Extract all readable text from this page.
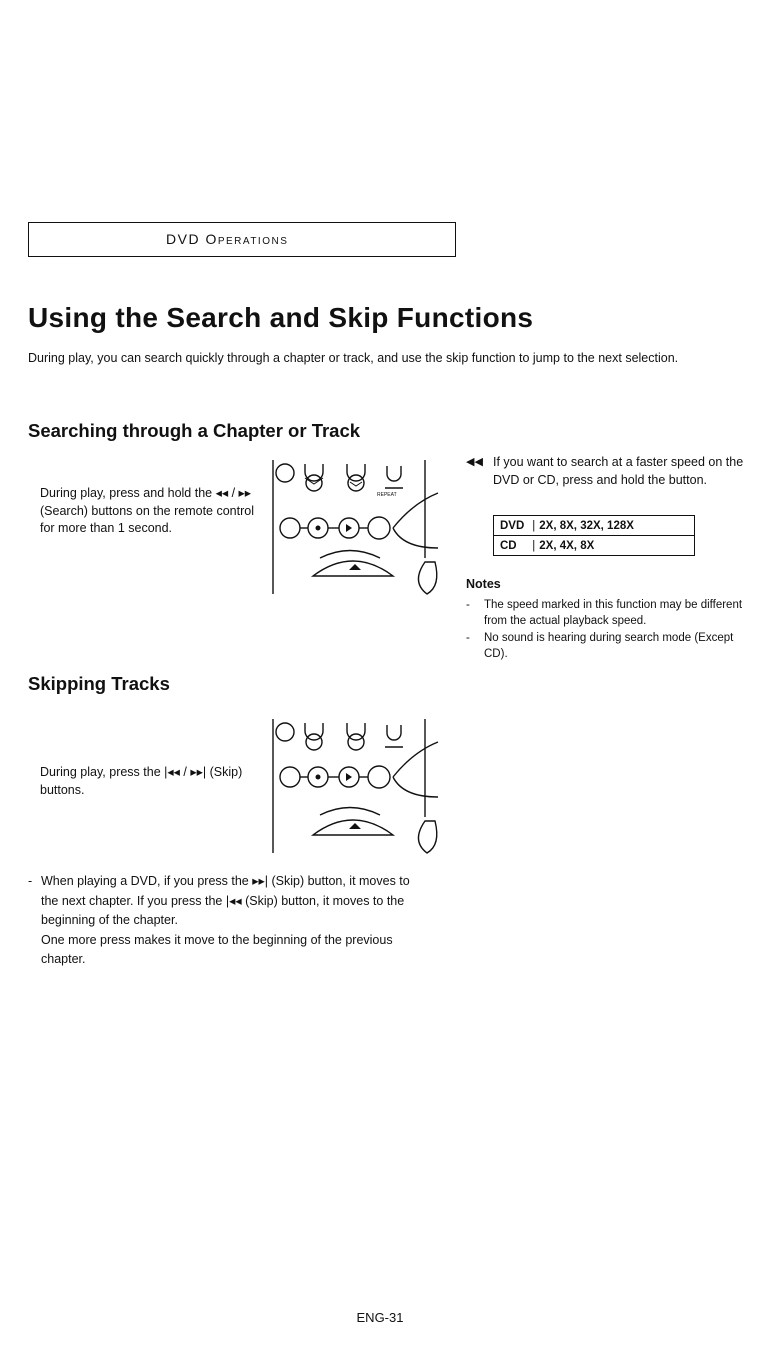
DVD Operations
Using the Search and Skip Functions
During play, you can search quickly through a chapter or track, and use the skip function to jump to the next selection.
Searching through a Chapter or Track
During play, press and hold the ◂◂ / ▸▸ (Search) buttons on the remote control for more than 1 second.
REPEAT
◀◀ If you want to search at a faster speed on the DVD or CD, press and hold the button.
DVD	| 2X, 8X, 32X, 128X
CD	| 2X, 4X, 8X
Notes
- The speed marked in this function may be different from the actual playback speed.
- No sound is hearing during search mode (Except CD).
Skipping Tracks
During play, press the |◂◂ / ▸▸| (Skip) buttons.
- When playing a DVD, if you press the ▸▸| (Skip) button, it moves to the next chapter. If you press the |◂◂ (Skip) button, it moves to the beginning of the chapter.
One more press makes it move to the beginning of the previous chapter.
ENG-31
